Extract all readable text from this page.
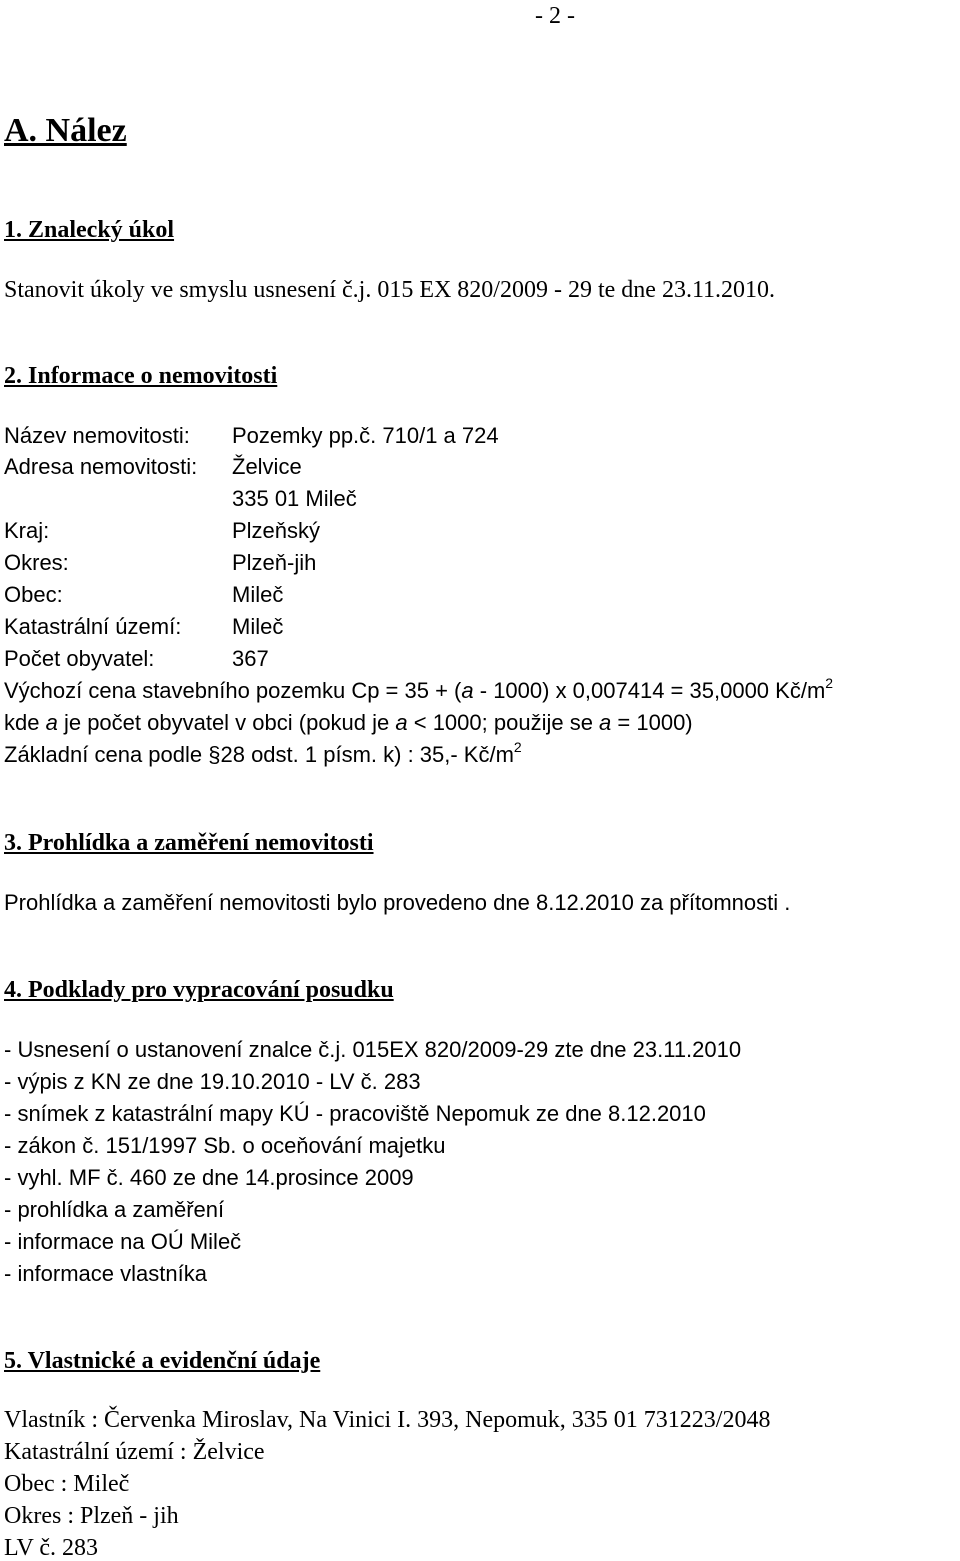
- 2 -
A. Nález
1. Znalecký úkol
Stanovit úkoly ve smyslu usnesení č.j. 015 EX 820/2009 - 29 te dne 23.11.2010.
2. Informace o nemovitosti
Název nemovitosti: Pozemky pp.č. 710/1 a 724
Adresa nemovitosti: Želvice
335 01 Mileč
Kraj:	Plzeňský
Okres:	Plzeň-jih
Obec:	Mileč
Katastrální území: Mileč
Počet obyvatel:	367
Výchozí cena stavebního pozemku Cp = 35 + (a - 1000) x 0,007414 = 35,0000 $Kč/m^2$
kde a je počet obyvatel v obci (pokud je a < 1000; použije se a = 1000)
Základní cena podle §28 odst. 1 písm. k) : 35,- $Kč/m^2$
3. Prohlídka a zaměření nemovitosti
Prohlídka a zaměření nemovitosti bylo provedeno dne 8.12.2010 za přítomnosti .
4. Podklady pro vypracování posudku
- Usnesení o ustanovení znalce č.j. 015EX 820/2009-29 zte dne 23.11.2010
- výpis z KN ze dne 19.10.2010 - LV č. 283
- snímek z katastrální mapy KÚ - pracoviště Nepomuk ze dne 8.12.2010
- zákon č. 151/1997 Sb. o oceňování majetku
- vyhl. MF č. 460 ze dne 14.prosince 2009
- prohlídka a zaměření
- informace na OÚ Mileč
- informace vlastníka
5. Vlastnické a evidenční údaje
Vlastník : Červenka Miroslav, Na Vinici I. 393, Nepomuk, 335 01 731223/2048
Katastrální území : Želvice
Obec : Mileč
Okres : Plzeň - jih
LV č. 283
